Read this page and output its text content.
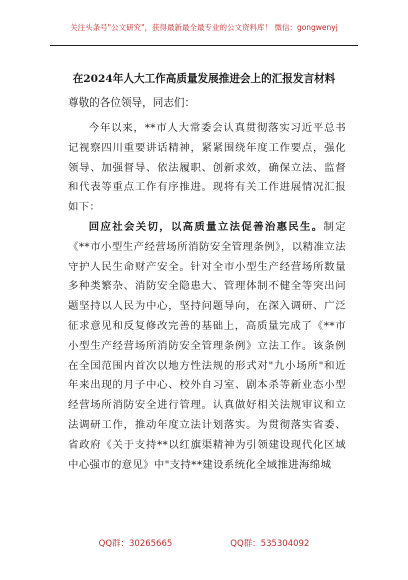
关注头条号"公文研究"，获得最新最全最专业的公文资料库！ 微信：gongwenyj
在2024年人大工作高质量发展推进会上的汇报发言材料
尊敬的各位领导，同志们：

今年以来，**市人大常委会认真贯彻落实习近平总书记视察四川重要讲话精神，紧紧围绕年度工作要点，强化领导、加强督导、依法履职、创新求效，确保立法、监督和代表等重点工作有序推进。现将有关工作进展情况汇报如下：

回应社会关切，以高质量立法促善治惠民生。制定《**市小型生产经营场所消防安全管理条例》，以精准立法守护人民生命财产安全。针对全市小型生产经营场所数量多种类繁杂、消防安全隐患大、管理体制不健全等突出问题坚持以人民为中心，坚持问题导向，在深入调研、广泛征求意见和反复修改完善的基础上，高质量完成了《**市小型生产经营场所消防安全管理条例》立法工作。该条例在全国范围内首次以地方性法规的形式对"九小场所"和近年来出现的月子中心、校外自习室、剧本杀等新业态小型经营场所消防安全进行管理。认真做好相关法规审议和立法调研工作，推动年度立法计划落实。为贯彻落实省委、省政府《关于支持**以红旗渠精神为引领建设现代化区域中心强市的意见》中"支持**建设系统化全域推进海绵城

QQ群：30265665	QQ群：535304092
